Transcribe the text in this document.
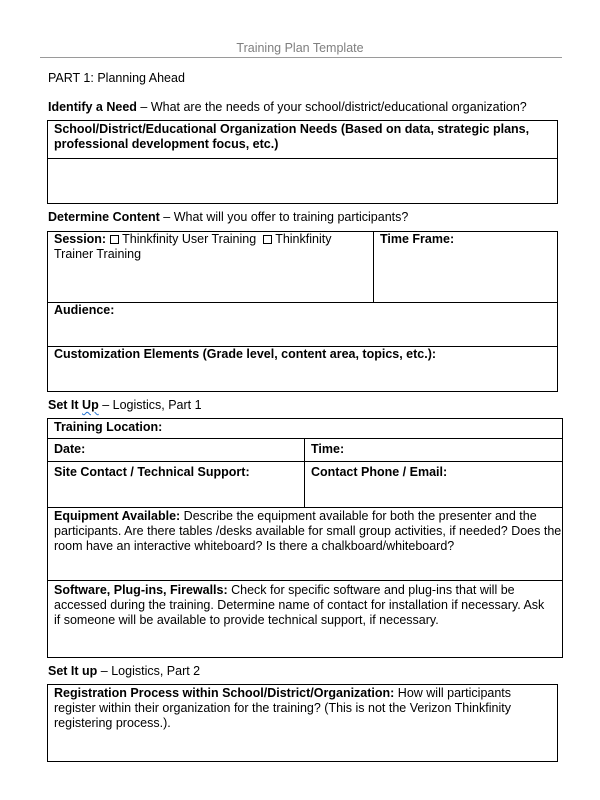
Training Plan Template
PART 1: Planning Ahead
Identify a Need – What are the needs of your school/district/educational organization?
School/District/Educational Organization Needs (Based on data, strategic plans, professional development focus, etc.)
Determine Content – What will you offer to training participants?
Session: Thinkfinity User Training Thinkfinity
Trainer Training
Time Frame:
Audience:
Customization Elements (Grade level, content area, topics, etc.):
Set It Up – Logistics, Part 1
Training Location:
Date:	Time:
Site Contact / Technical Support:	Contact Phone / Email:
Equipment Available: Describe the equipment available for both the presenter and the participants. Are there tables /desks available for small group activities, if needed? Does the room have an interactive whiteboard? Is there a chalkboard/whiteboard?
Software, Plug-ins, Firewalls: Check for specific software and plug-ins that will be accessed during the training. Determine name of contact for installation if necessary. Ask if someone will be available to provide technical support, if necessary.
Set It up – Logistics, Part 2
Registration Process within School/District/Organization: How will participants register within their organization for the training? (This is not the Verizon Thinkfinity registering process.).
